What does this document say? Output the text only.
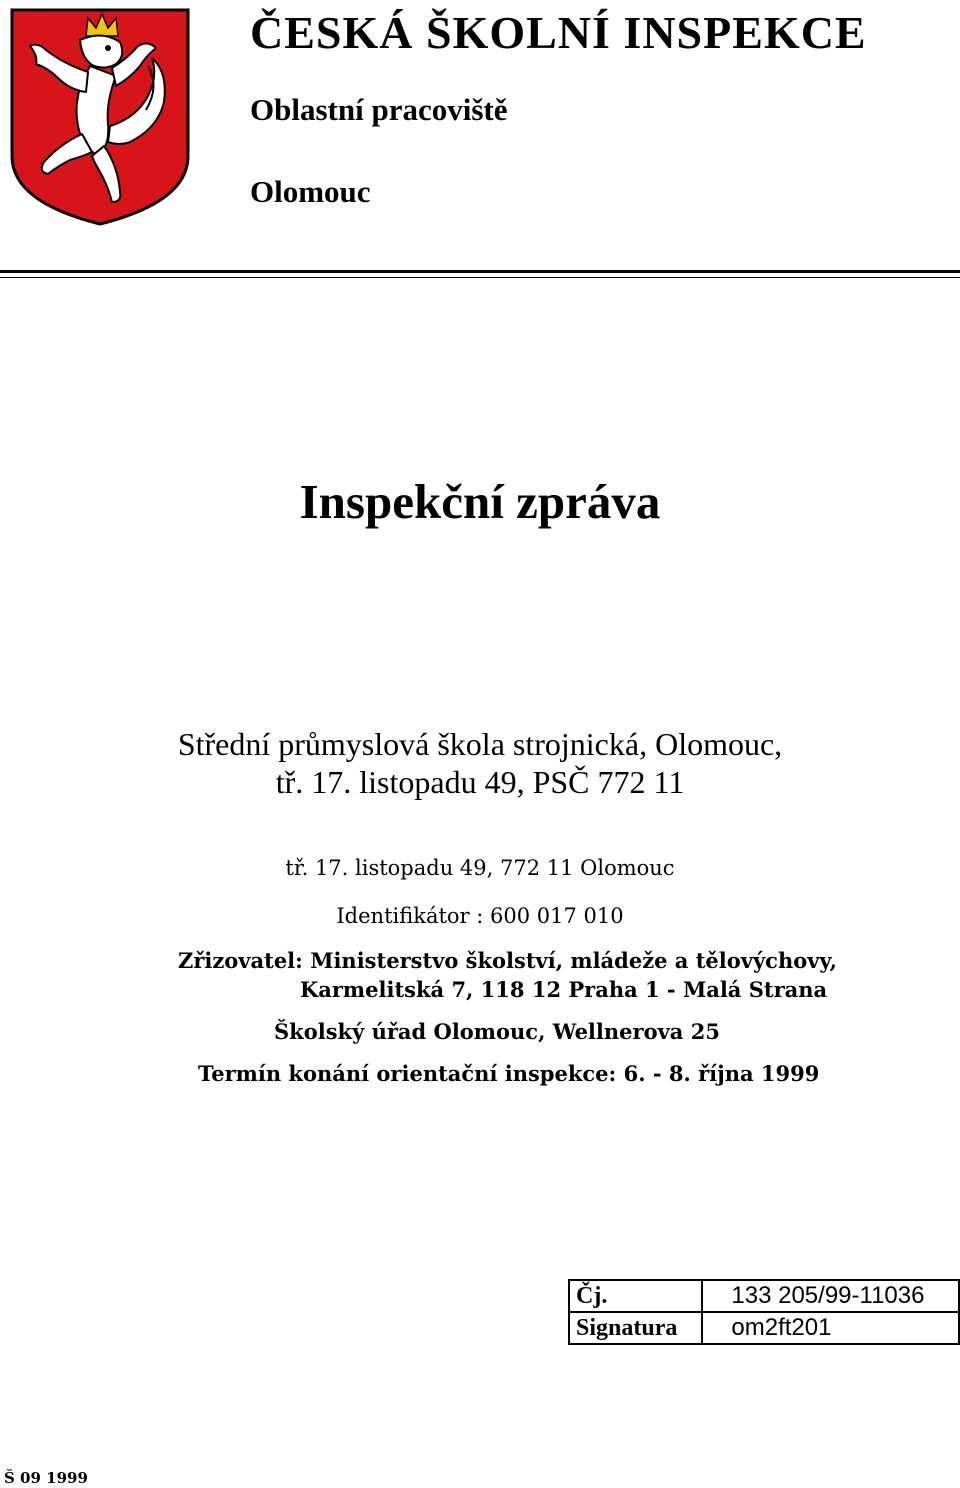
ČESKÁ ŠKOLNÍ INSPEKCE
Oblastní pracoviště
Olomouc
Inspekční zpráva
Střední průmyslová škola strojnická, Olomouc,
tř. 17. listopadu 49, PSČ 772 11
tř. 17. listopadu 49, 772 11 Olomouc
Identifikátor : 600 017 010
Zřizovatel: Ministerstvo školství, mládeže a tělovýchovy,
Karmelitská 7, 118 12 Praha 1 - Malá Strana
Školský úřad Olomouc, Wellnerova 25
Termín konání orientační inspekce: 6. - 8. října 1999
Čj.	133 205/99-11036
Signatura	om2ft201
Š 09 1999
